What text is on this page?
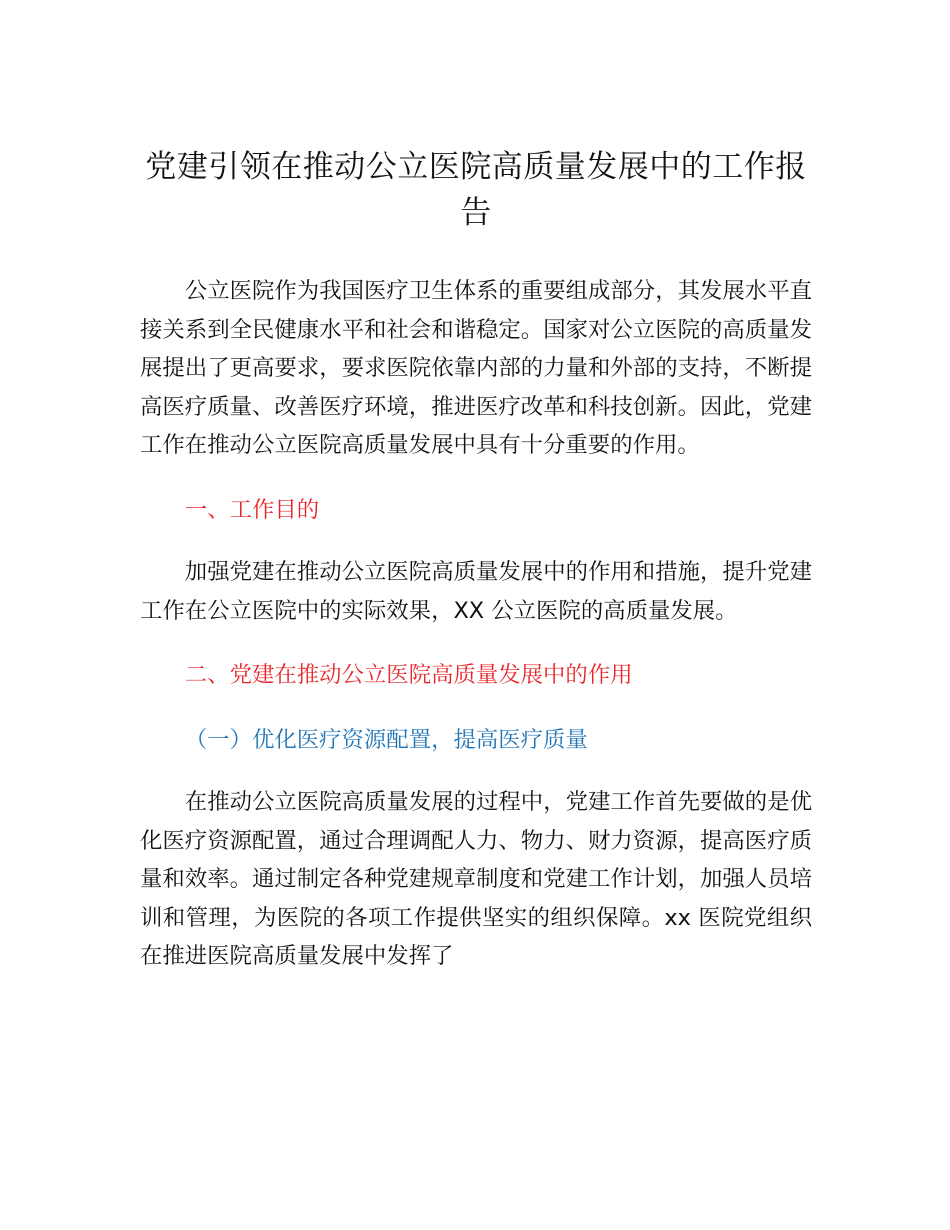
党建引领在推动公立医院高质量发展中的工作报告

公立医院作为我国医疗卫生体系的重要组成部分，其发展水平直接关系到全民健康水平和社会和谐稳定。国家对公立医院的高质量发展提出了更高要求，要求医院依靠内部的力量和外部的支持，不断提高医疗质量、改善医疗环境，推进医疗改革和科技创新。因此，党建工作在推动公立医院高质量发展中具有十分重要的作用。

一、工作目的

加强党建在推动公立医院高质量发展中的作用和措施，提升党建工作在公立医院中的实际效果，XX 公立医院的高质量发展。

二、党建在推动公立医院高质量发展中的作用

（一）优化医疗资源配置，提高医疗质量

在推动公立医院高质量发展的过程中，党建工作首先要做的是优化医疗资源配置，通过合理调配人力、物力、财力资源，提高医疗质量和效率。通过制定各种党建规章制度和党建工作计划，加强人员培训和管理，为医院的各项工作提供坚实的组织保障。xx 医院党组织在推进医院高质量发展中发挥了
